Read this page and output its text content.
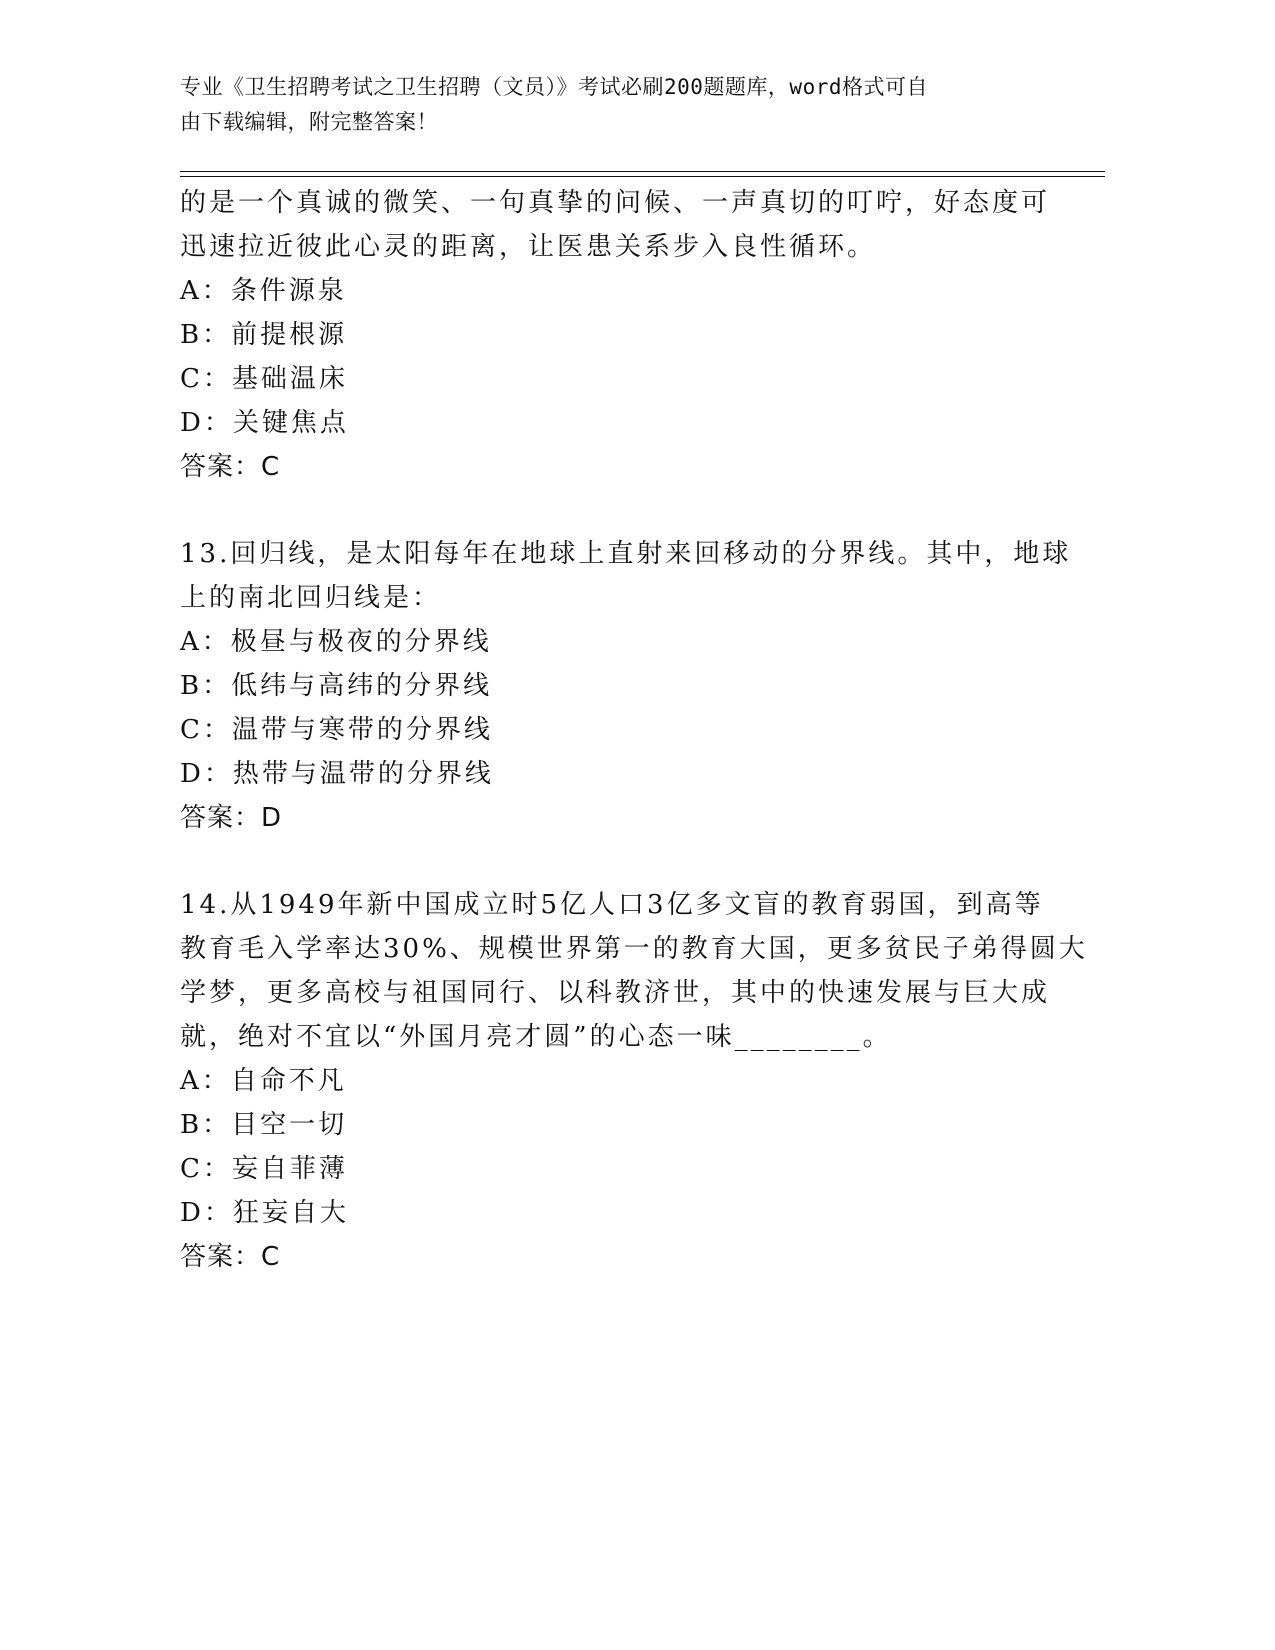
专业《卫生招聘考试之卫生招聘（文员）》考试必刷200题题库，word格式可自
由下载编辑，附完整答案！
的是一个真诚的微笑、一句真挚的问候、一声真切的叮咛，好态度可
迅速拉近彼此心灵的距离，让医患关系步入良性循环。
A：条件源泉
B：前提根源
C：基础温床
D：关键焦点
答案：C
13.回归线，是太阳每年在地球上直射来回移动的分界线。其中，地球
上的南北回归线是：
A：极昼与极夜的分界线
B：低纬与高纬的分界线
C：温带与寒带的分界线
D：热带与温带的分界线
答案：D
14.从1949年新中国成立时5亿人口3亿多文盲的教育弱国，到高等
教育毛入学率达30%、规模世界第一的教育大国，更多贫民子弟得圆大
学梦，更多高校与祖国同行、以科教济世，其中的快速发展与巨大成
就，绝对不宜以“外国月亮才圆”的心态一味________。
A：自命不凡
B：目空一切
C：妄自菲薄
D：狂妄自大
答案：C
